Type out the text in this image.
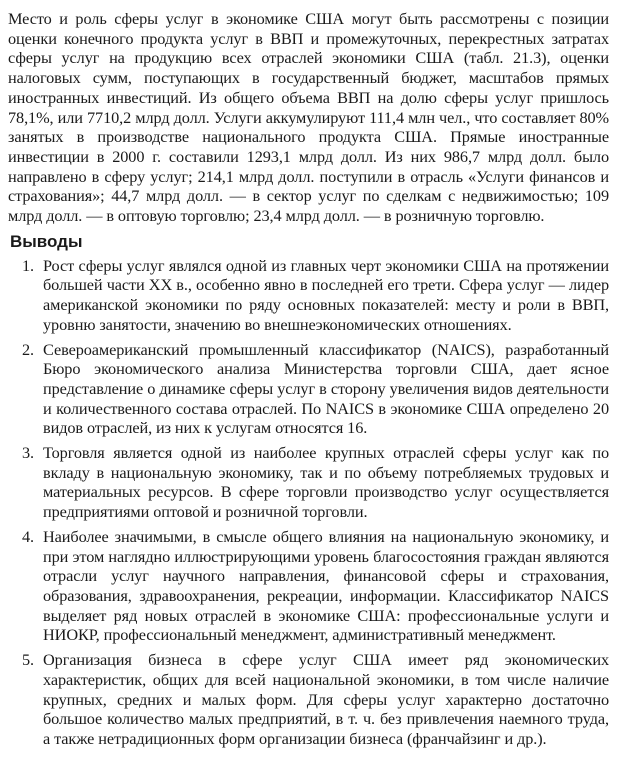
Место и роль сферы услуг в экономике США могут быть рассмотрены с позиции оценки конечного продукта услуг в ВВП и промежуточных, перекрестных затратах сферы услуг на продукцию всех отраслей экономики США (табл. 21.3), оценки налоговых сумм, поступающих в государственный бюджет, масштабов прямых иностранных инвестиций. Из общего объема ВВП на долю сферы услуг пришлось 78,1%, или 7710,2 млрд долл. Услуги аккумулируют 111,4 млн чел., что составляет 80% занятых в производстве национального продукта США. Прямые иностранные инвестиции в 2000 г. составили 1293,1 млрд долл. Из них 986,7 млрд долл. было направлено в сферу услуг; 214,1 млрд долл. поступили в отрасль «Услуги финансов и страхования»; 44,7 млрд долл. — в сектор услуг по сделкам с недвижимостью; 109 млрд долл. — в оптовую торговлю; 23,4 млрд долл. — в розничную торговлю.

Выводы
1. Рост сферы услуг являлся одной из главных черт экономики США на протяжении большей части XX в., особенно явно в последней его трети. Сфера услуг — лидер американской экономики по ряду основных показателей: месту и роли в ВВП, уровню занятости, значению во внешнеэкономических отношениях.
2. Североамериканский промышленный классификатор (NAICS), разработанный Бюро экономического анализа Министерства торговли США, дает ясное представление о динамике сферы услуг в сторону увеличения видов деятельности и количественного состава отраслей. По NAICS в экономике США определено 20 видов отраслей, из них к услугам относятся 16.
3. Торговля является одной из наиболее крупных отраслей сферы услуг как по вкладу в национальную экономику, так и по объему потребляемых трудовых и материальных ресурсов. В сфере торговли производство услуг осуществляется предприятиями оптовой и розничной торговли.
4. Наиболее значимыми, в смысле общего влияния на национальную экономику, и при этом наглядно иллюстрирующими уровень благосостояния граждан являются отрасли услуг научного направления, финансовой сферы и страхования, образования, здравоохранения, рекреации, информации. Классификатор NAICS выделяет ряд новых отраслей в экономике США: профессиональные услуги и НИОКР, профессиональный менеджмент, административный менеджмент.
5. Организация бизнеса в сфере услуг США имеет ряд экономических характеристик, общих для всей национальной экономики, в том числе наличие крупных, средних и малых форм. Для сферы услуг характерно достаточно большое количество малых предприятий, в т. ч. без привлечения наемного труда, а также нетрадиционных форм организации бизнеса (франчайзинг и др.).
